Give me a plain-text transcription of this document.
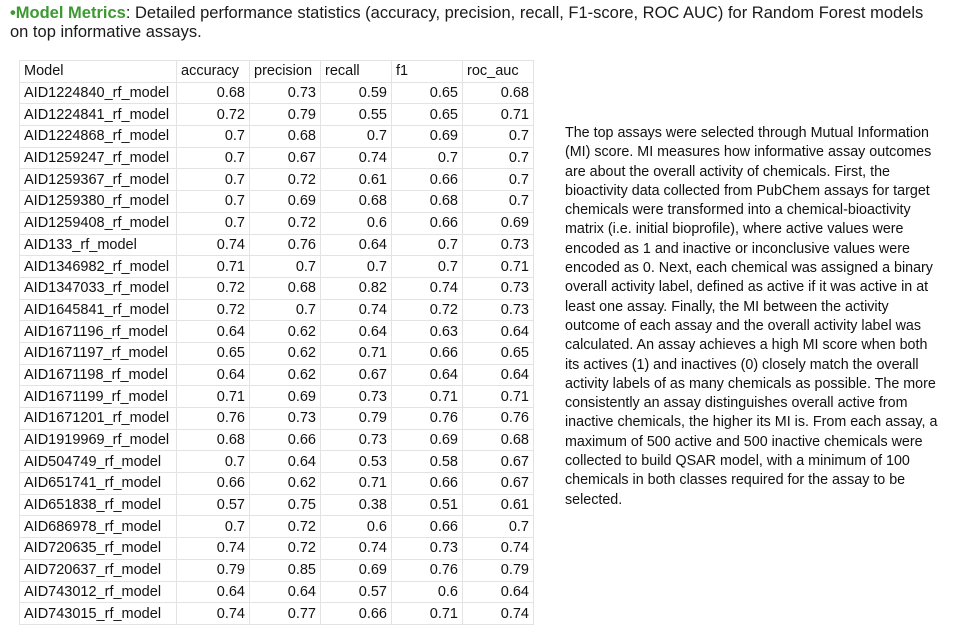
•Model Metrics: Detailed performance statistics (accuracy, precision, recall, F1-score, ROC AUC) for Random Forest models on top informative assays.
Model	accuracy	precision	recall	f1	roc_auc
AID1224840_rf_model	0.68	0.73	0.59	0.65	0.68
AID1224841_rf_model	0.72	0.79	0.55	0.65	0.71
AID1224868_rf_model	0.7	0.68	0.7	0.69	0.7
AID1259247_rf_model	0.7	0.67	0.74	0.7	0.7
AID1259367_rf_model	0.7	0.72	0.61	0.66	0.7
AID1259380_rf_model	0.7	0.69	0.68	0.68	0.7
AID1259408_rf_model	0.7	0.72	0.6	0.66	0.69
AID133_rf_model	0.74	0.76	0.64	0.7	0.73
AID1346982_rf_model	0.71	0.7	0.7	0.7	0.71
AID1347033_rf_model	0.72	0.68	0.82	0.74	0.73
AID1645841_rf_model	0.72	0.7	0.74	0.72	0.73
AID1671196_rf_model	0.64	0.62	0.64	0.63	0.64
AID1671197_rf_model	0.65	0.62	0.71	0.66	0.65
AID1671198_rf_model	0.64	0.62	0.67	0.64	0.64
AID1671199_rf_model	0.71	0.69	0.73	0.71	0.71
AID1671201_rf_model	0.76	0.73	0.79	0.76	0.76
AID1919969_rf_model	0.68	0.66	0.73	0.69	0.68
AID504749_rf_model	0.7	0.64	0.53	0.58	0.67
AID651741_rf_model	0.66	0.62	0.71	0.66	0.67
AID651838_rf_model	0.57	0.75	0.38	0.51	0.61
AID686978_rf_model	0.7	0.72	0.6	0.66	0.7
AID720635_rf_model	0.74	0.72	0.74	0.73	0.74
AID720637_rf_model	0.79	0.85	0.69	0.76	0.79
AID743012_rf_model	0.64	0.64	0.57	0.6	0.64
AID743015_rf_model	0.74	0.77	0.66	0.71	0.74
The top assays were selected through Mutual Information (MI) score. MI measures how informative assay outcomes are about the overall activity of chemicals. First, the bioactivity data collected from PubChem assays for target chemicals were transformed into a chemical-bioactivity matrix (i.e. initial bioprofile), where active values were encoded as 1 and inactive or inconclusive values were encoded as 0. Next, each chemical was assigned a binary overall activity label, defined as active if it was active in at least one assay. Finally, the MI between the activity outcome of each assay and the overall activity label was calculated. An assay achieves a high MI score when both its actives (1) and inactives (0) closely match the overall activity labels of as many chemicals as possible. The more consistently an assay distinguishes overall active from inactive chemicals, the higher its MI is. From each assay, a maximum of 500 active and 500 inactive chemicals were collected to build QSAR model, with a minimum of 100 chemicals in both classes required for the assay to be selected.
